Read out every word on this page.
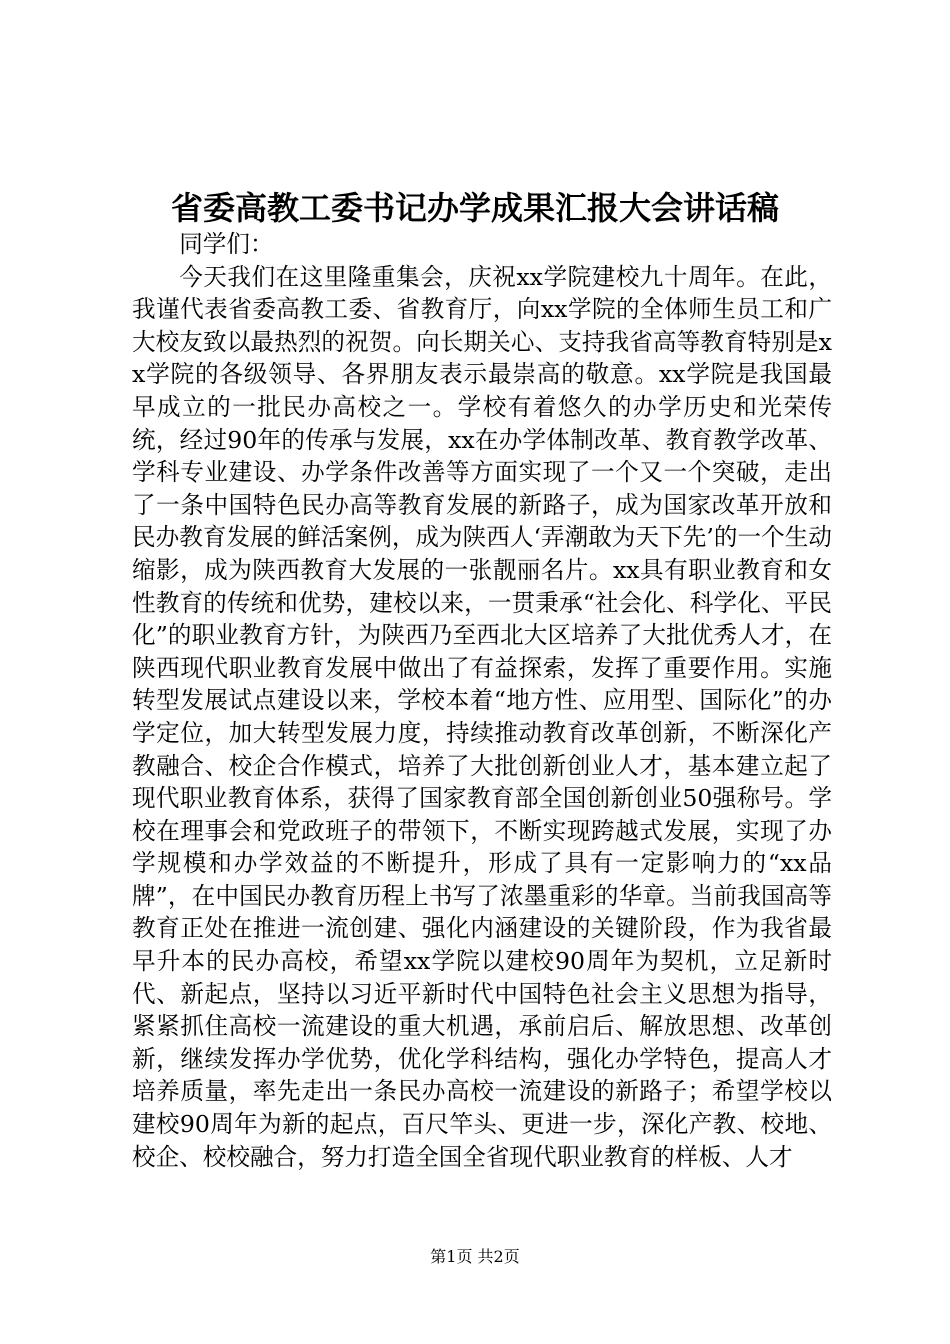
省委高教工委书记办学成果汇报大会讲话稿

同学们：

今天我们在这里隆重集会，庆祝xx学院建校九十周年。在此，我谨代表省委高教工委、省教育厅，向xx学院的全体师生员工和广大校友致以最热烈的祝贺。向长期关心、支持我省高等教育特别是xx学院的各级领导、各界朋友表示最崇高的敬意。xx学院是我国最早成立的一批民办高校之一。学校有着悠久的办学历史和光荣传统，经过90年的传承与发展，xx在办学体制改革、教育教学改革、学科专业建设、办学条件改善等方面实现了一个又一个突破，走出了一条中国特色民办高等教育发展的新路子，成为国家改革开放和民办教育发展的鲜活案例，成为陕西人‘弄潮敢为天下先’的一个生动缩影，成为陕西教育大发展的一张靓丽名片。xx具有职业教育和女性教育的传统和优势，建校以来，一贯秉承“社会化、科学化、平民化”的职业教育方针，为陕西乃至西北大区培养了大批优秀人才，在陕西现代职业教育发展中做出了有益探索，发挥了重要作用。实施转型发展试点建设以来，学校本着“地方性、应用型、国际化”的办学定位，加大转型发展力度，持续推动教育改革创新，不断深化产教融合、校企合作模式，培养了大批创新创业人才，基本建立起了现代职业教育体系，获得了国家教育部全国创新创业50强称号。学校在理事会和党政班子的带领下，不断实现跨越式发展，实现了办学规模和办学效益的不断提升，形成了具有一定影响力的“xx品牌”，在中国民办教育历程上书写了浓墨重彩的华章。当前我国高等教育正处在推进一流创建、强化内涵建设的关键阶段，作为我省最早升本的民办高校，希望xx学院以建校90周年为契机，立足新时代、新起点，坚持以习近平新时代中国特色社会主义思想为指导，紧紧抓住高校一流建设的重大机遇，承前启后、解放思想、改革创新，继续发挥办学优势，优化学科结构，强化办学特色，提高人才培养质量，率先走出一条民办高校一流建设的新路子；希望学校以建校90周年为新的起点，百尺竿头、更进一步，深化产教、校地、校企、校校融合，努力打造全国全省现代职业教育的样板、人才

第1页 共2页
